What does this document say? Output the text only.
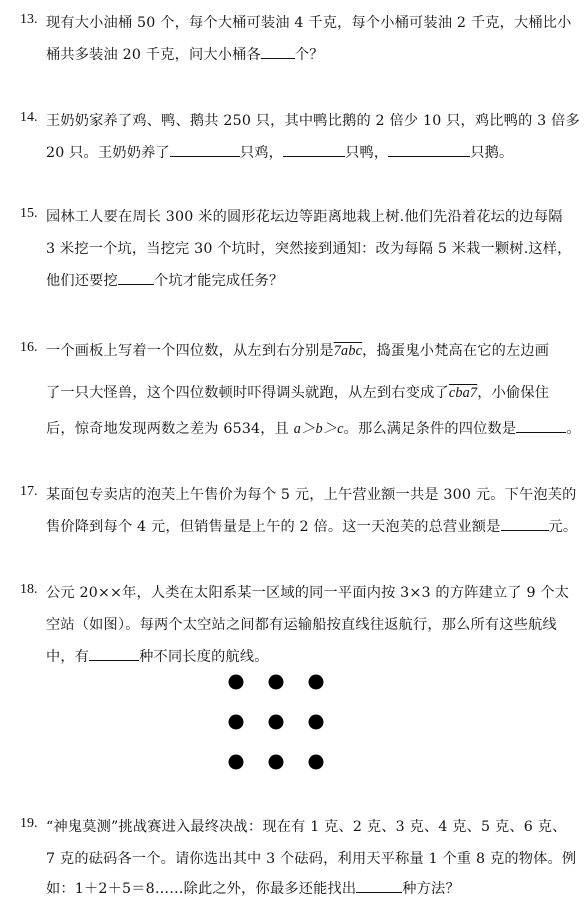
13. 现有大小油桶 50 个，每个大桶可装油 4 千克，每个小桶可装油 2 千克，大桶比小
桶共多装油 20 千克，问大小桶各 个？
14. 王奶奶家养了鸡、鸭、鹅共 250 只，其中鸭比鹅的 2 倍少 10 只，鸡比鸭的 3 倍多
20 只。王奶奶养了	只鸡，	只鸭，	只鹅。
15. 园林工人要在周长 300 米的圆形花坛边等距离地栽上树.他们先沿着花坛的边每隔
3 米挖一个坑，当挖完 30 个坑时，突然接到通知：改为每隔 5 米栽一颗树.这样，
他们还要挖	个坑才能完成任务？
16. 一个画板上写着一个四位数，从左到右分别是7abc，捣蛋鬼小梵高在它的左边画
了一只大怪兽，这个四位数顿时吓得调头就跑，从左到右变成了cba7，小偷保住
后，惊奇地发现两数之差为 6534，且 a＞b＞c。那么满足条件的四位数是	。
17. 某面包专卖店的泡芙上午售价为每个 5 元，上午营业额一共是 300 元。下午泡芙的
售价降到每个 4 元，但销售量是上午的 2 倍。这一天泡芙的总营业额是	元。
18. 公元 20××年，人类在太阳系某一区域的同一平面内按 3×3 的方阵建立了 9 个太
空站（如图）。每两个太空站之间都有运输船按直线往返航行，那么所有这些航线
中，有	种不同长度的航线。
19. “神鬼莫测”挑战赛进入最终决战：现在有 1 克、2 克、3 克、4 克、5 克、6 克、
7 克的砝码各一个。请你选出其中 3 个砝码，利用天平称量 1 个重 8 克的物体。例
如：1＋2＋5＝8……除此之外，你最多还能找出	种方法？
